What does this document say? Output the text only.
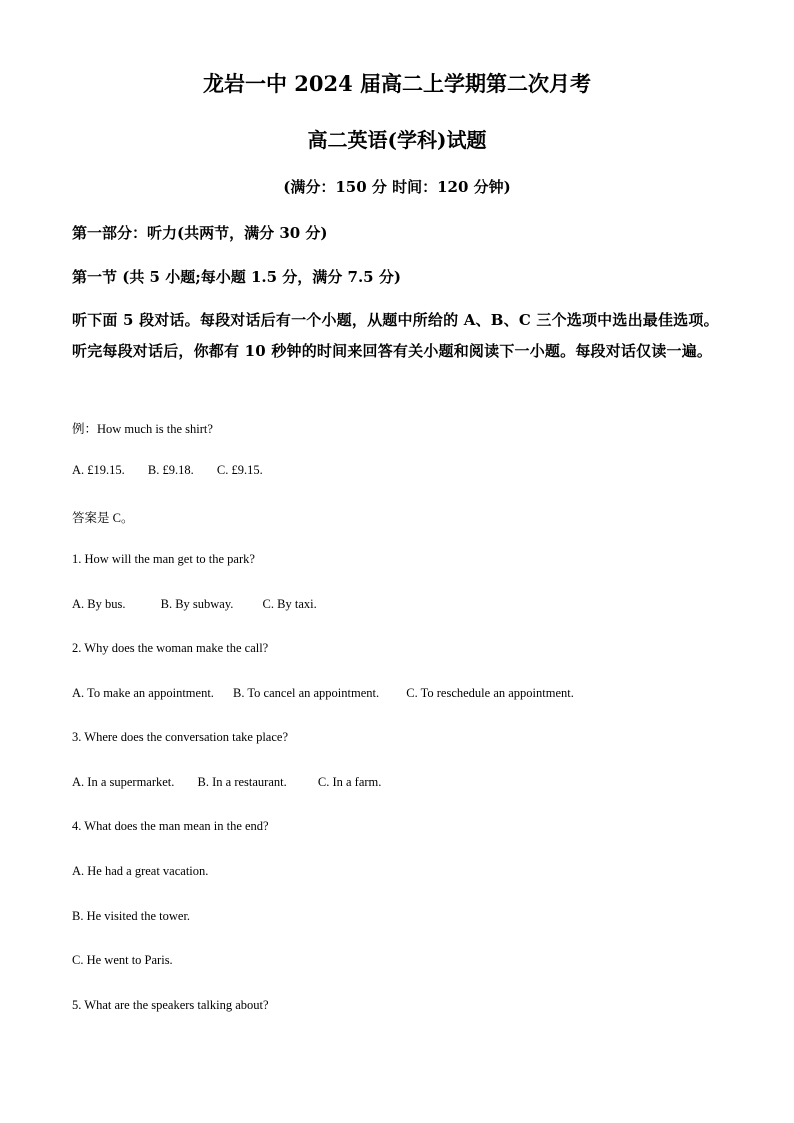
龙岩一中 2024 届高二上学期第二次月考
高二英语(学科)试题
(满分：150 分 时间：120 分钟)
第一部分：听力(共两节，满分 30 分)
第一节 (共 5 小题;每小题 1.5 分，满分 7.5 分)
听下面 5 段对话。每段对话后有一个小题，从题中所给的 A、B、C 三个选项中选出最佳选项。听完每段对话后，你都有 10 秒钟的时间来回答有关小题和阅读下一小题。每段对话仅读一遍。
例：How much is the shirt?
A. £19.15. B. £9.18. C. £9.15.
答案是 C。
1. How will the man get to the park?
A. By bus.	B. By subway. C. By taxi.
2. Why does the woman make the call?
A. To make an appointment. B. To cancel an appointment. C. To reschedule an appointment.
3. Where does the conversation take place?
A. In a supermarket. B. In a restaurant. C. In a farm.
4. What does the man mean in the end?
A. He had a great vacation.
B. He visited the tower.
C. He went to Paris.
5. What are the speakers talking about?
